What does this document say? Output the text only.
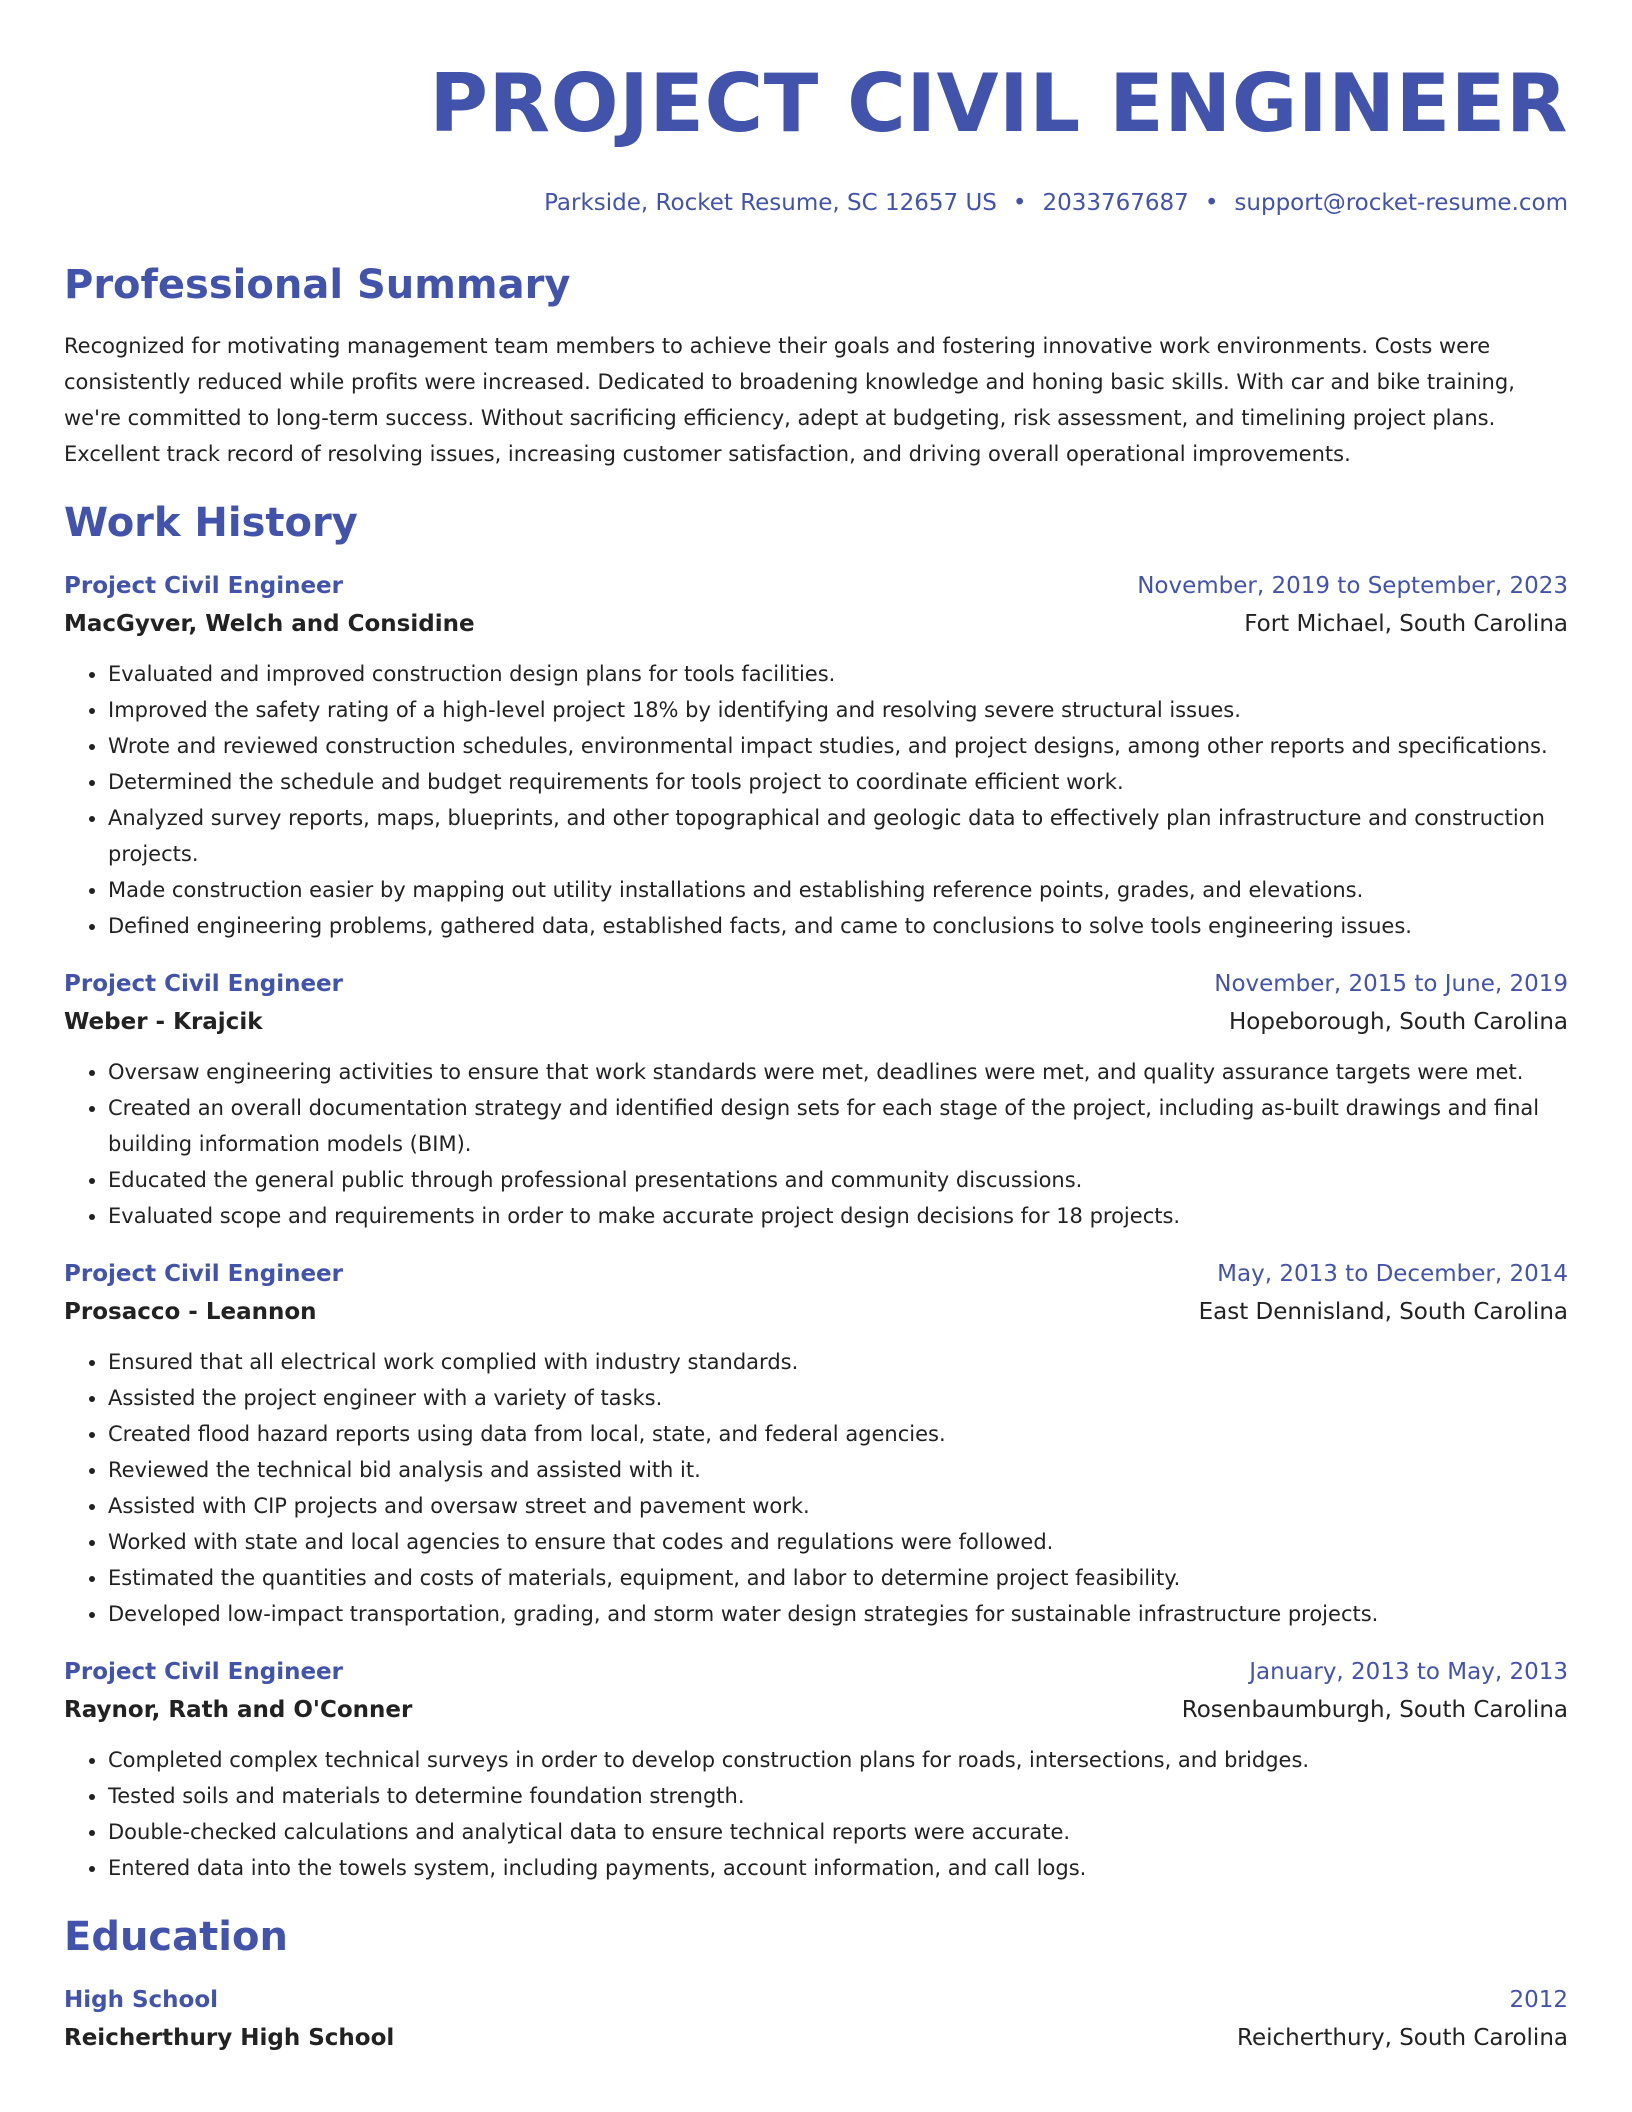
PROJECT CIVIL ENGINEER
Parkside, Rocket Resume, SC 12657 US • 2033767687 • support@rocket-resume.com
Professional Summary

Recognized for motivating management team members to achieve their goals and fostering innovative work environments. Costs were consistently reduced while profits were increased. Dedicated to broadening knowledge and honing basic skills. With car and bike training, we're committed to long-term success. Without sacrificing efficiency, adept at budgeting, risk assessment, and timelining project plans. Excellent track record of resolving issues, increasing customer satisfaction, and driving overall operational improvements.

Work History
Project Civil Engineer	November, 2019 to September, 2023
MacGyver, Welch and Considine	Fort Michael, South Carolina
• Evaluated and improved construction design plans for tools facilities.
• Improved the safety rating of a high-level project 18% by identifying and resolving severe structural issues.
• Wrote and reviewed construction schedules, environmental impact studies, and project designs, among other reports and specifications.
• Determined the schedule and budget requirements for tools project to coordinate efficient work.
• Analyzed survey reports, maps, blueprints, and other topographical and geologic data to effectively plan infrastructure and construction projects.
• Made construction easier by mapping out utility installations and establishing reference points, grades, and elevations.
• Defined engineering problems, gathered data, established facts, and came to conclusions to solve tools engineering issues.
Project Civil Engineer	November, 2015 to June, 2019
Weber - Krajcik	Hopeborough, South Carolina
• Oversaw engineering activities to ensure that work standards were met, deadlines were met, and quality assurance targets were met.
• Created an overall documentation strategy and identified design sets for each stage of the project, including as-built drawings and final building information models (BIM).
• Educated the general public through professional presentations and community discussions.
• Evaluated scope and requirements in order to make accurate project design decisions for 18 projects.
Project Civil Engineer	May, 2013 to December, 2014
Prosacco - Leannon	East Dennisland, South Carolina
• Ensured that all electrical work complied with industry standards.
• Assisted the project engineer with a variety of tasks.
• Created flood hazard reports using data from local, state, and federal agencies.
• Reviewed the technical bid analysis and assisted with it.
• Assisted with CIP projects and oversaw street and pavement work.
• Worked with state and local agencies to ensure that codes and regulations were followed.
• Estimated the quantities and costs of materials, equipment, and labor to determine project feasibility.
• Developed low-impact transportation, grading, and storm water design strategies for sustainable infrastructure projects.
Project Civil Engineer	January, 2013 to May, 2013
Raynor, Rath and O'Conner	Rosenbaumburgh, South Carolina
• Completed complex technical surveys in order to develop construction plans for roads, intersections, and bridges.
• Tested soils and materials to determine foundation strength.
• Double-checked calculations and analytical data to ensure technical reports were accurate.
• Entered data into the towels system, including payments, account information, and call logs.
Education
High School	2012
Reicherthury High School	Reicherthury, South Carolina
